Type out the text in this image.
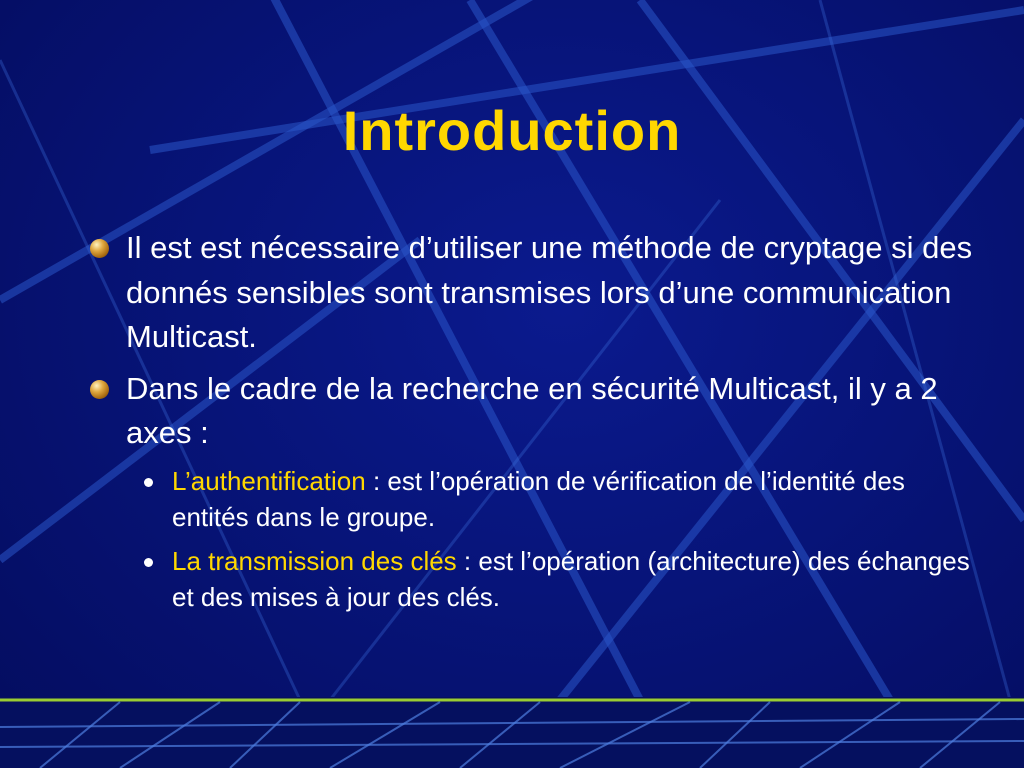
Introduction
Il est est nécessaire d’utiliser une méthode de cryptage si des donnés sensibles sont transmises lors d’une communication Multicast.
Dans le cadre de la recherche en sécurité Multicast, il y a 2 axes :
L’authentification : est l’opération de vérification de l’identité des entités dans le groupe.
La transmission des clés : est l’opération (architecture) des échanges et des mises à jour des clés.
